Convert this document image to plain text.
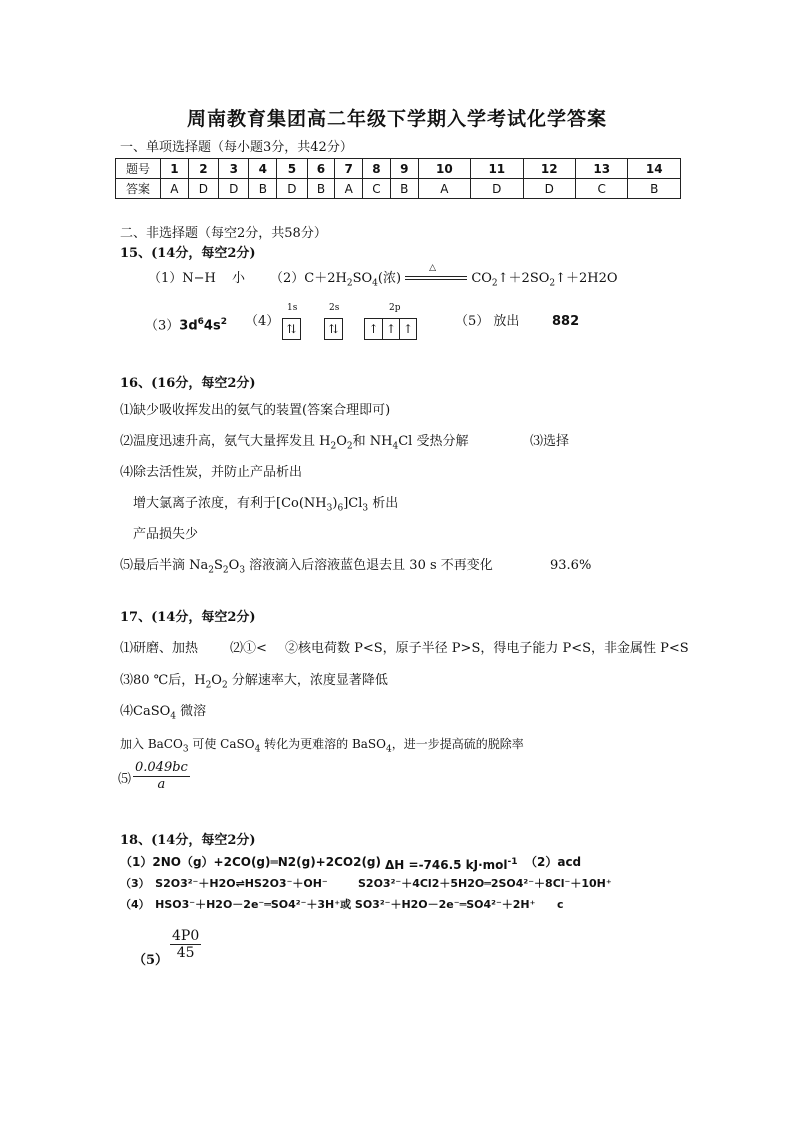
周南教育集团高二年级下学期入学考试化学答案
一、单项选择题（每小题3分，共42分）
题号	1	2	3	4	5	6	7	8	9	10	11	12	13	14
答案	A	D	D	B	D	B	A	C	B	A	D	D	C	B
二、非选择题（每空2分，共58分）
15、(14分，每空2分)
（1）N−H 小 $(2)C+2H_2SO_4$(浓)
△
$CO_2↑+2SO_2↑+2H2O$
$(3)3d^64s^2$ （4）
1s	2s	2p
⇅	⇅ ↑ ↑ ↑	（5） 放出	882
16、(16分，每空2分)
⑴缺少吸收挥发出的氨气的装置(答案合理即可)
⑵温度迅速升高，氨气大量挥发且 $H_2O_2$和 $NH_4Cl$ 受热分解	⑶选择
⑷除去活性炭，并防止产品析出
增大氯离子浓度，有利于$[Co(NH_3)_6]Cl_3$ 析出
产品损失少
⑸最后半滴 $Na_2S_2O_3$ 溶液滴入后溶液蓝色退去且 30 s 不再变化	93.6%
17、(14分，每空2分)
⑴研磨、加热 ⑵①< ②核电荷数 P<S，原子半径 P>S，得电子能力 P<S，非金属性 P<S
⑶80 ℃后，$H_2O_2$ 分解速率大，浓度显著降低
⑷CaSO$_4$ 微溶
加入 BaCO$_3$ 可使 CaSO$_4$ 转化为更难溶的 BaSO$_4$，进一步提高硫的脱除率
⑸ $\frac{0.049bc}{a}$
18、(14分，每空2分)
（1）2NO（g）+2CO(g)═N2(g)+2CO2(g) ΔH =-746.5 kJ·mol$^{-1}$ （2）acd
（3）　S2O3²⁻＋H2O⇌HS2O3⁻＋OH⁻	S2O3²⁻＋4Cl2＋5H2O═2SO4²⁻＋8Cl⁻＋10H⁺
（4）　HSO3⁻＋H2O－2e⁻═SO4²⁻＋3H⁺或 SO3²⁻＋H2O－2e⁻═SO4²⁻＋2H⁺ c
$(5) \frac{4P0}{45}$
